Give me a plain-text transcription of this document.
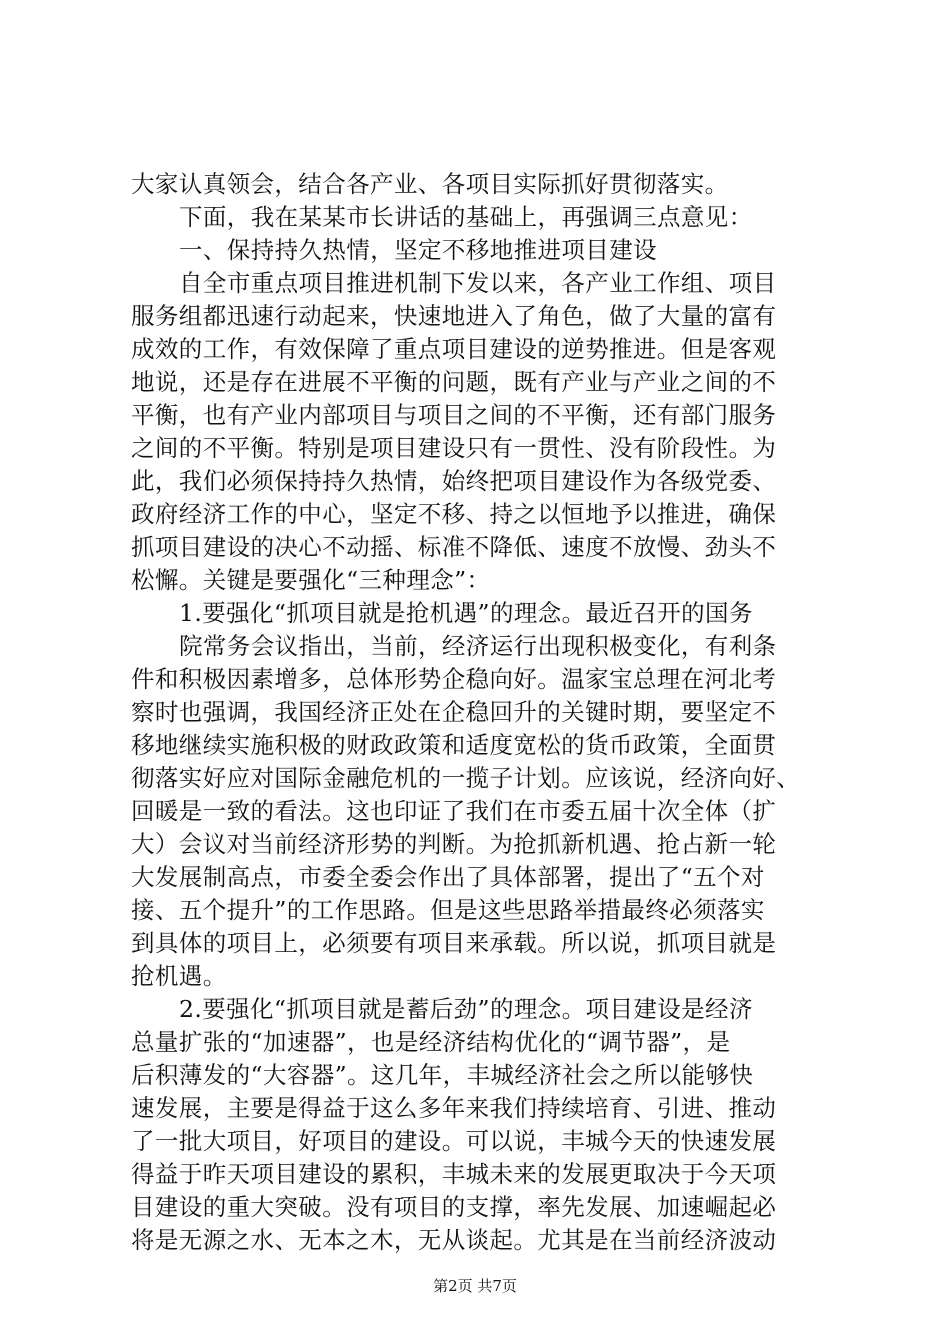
大家认真领会，结合各产业、各项目实际抓好贯彻落实。
下面，我在某某市长讲话的基础上，再强调三点意见：
一、保持持久热情，坚定不移地推进项目建设
自全市重点项目推进机制下发以来，各产业工作组、项目
服务组都迅速行动起来，快速地进入了角色，做了大量的富有
成效的工作，有效保障了重点项目建设的逆势推进。但是客观
地说，还是存在进展不平衡的问题，既有产业与产业之间的不
平衡，也有产业内部项目与项目之间的不平衡，还有部门服务
之间的不平衡。特别是项目建设只有一贯性、没有阶段性。为
此，我们必须保持持久热情，始终把项目建设作为各级党委、
政府经济工作的中心，坚定不移、持之以恒地予以推进，确保
抓项目建设的决心不动摇、标准不降低、速度不放慢、劲头不
松懈。关键是要强化“三种理念”：
1.要强化“抓项目就是抢机遇”的理念。最近召开的国务
院常务会议指出，当前，经济运行出现积极变化，有利条
件和积极因素增多，总体形势企稳向好。温家宝总理在河北考
察时也强调，我国经济正处在企稳回升的关键时期，要坚定不
移地继续实施积极的财政政策和适度宽松的货币政策，全面贯
彻落实好应对国际金融危机的一揽子计划。应该说，经济向好、
回暖是一致的看法。这也印证了我们在市委五届十次全体（扩
大）会议对当前经济形势的判断。为抢抓新机遇、抢占新一轮
大发展制高点，市委全委会作出了具体部署，提出了“五个对
接、五个提升”的工作思路。但是这些思路举措最终必须落实
到具体的项目上，必须要有项目来承载。所以说，抓项目就是
抢机遇。
2.要强化“抓项目就是蓄后劲”的理念。项目建设是经济
总量扩张的“加速器”，也是经济结构优化的“调节器”，是
后积薄发的“大容器”。这几年，丰城经济社会之所以能够快
速发展，主要是得益于这么多年来我们持续培育、引进、推动
了一批大项目，好项目的建设。可以说，丰城今天的快速发展
得益于昨天项目建设的累积，丰城未来的发展更取决于今天项
目建设的重大突破。没有项目的支撑，率先发展、加速崛起必
将是无源之水、无本之木，无从谈起。尤其是在当前经济波动
第2页 共7页
